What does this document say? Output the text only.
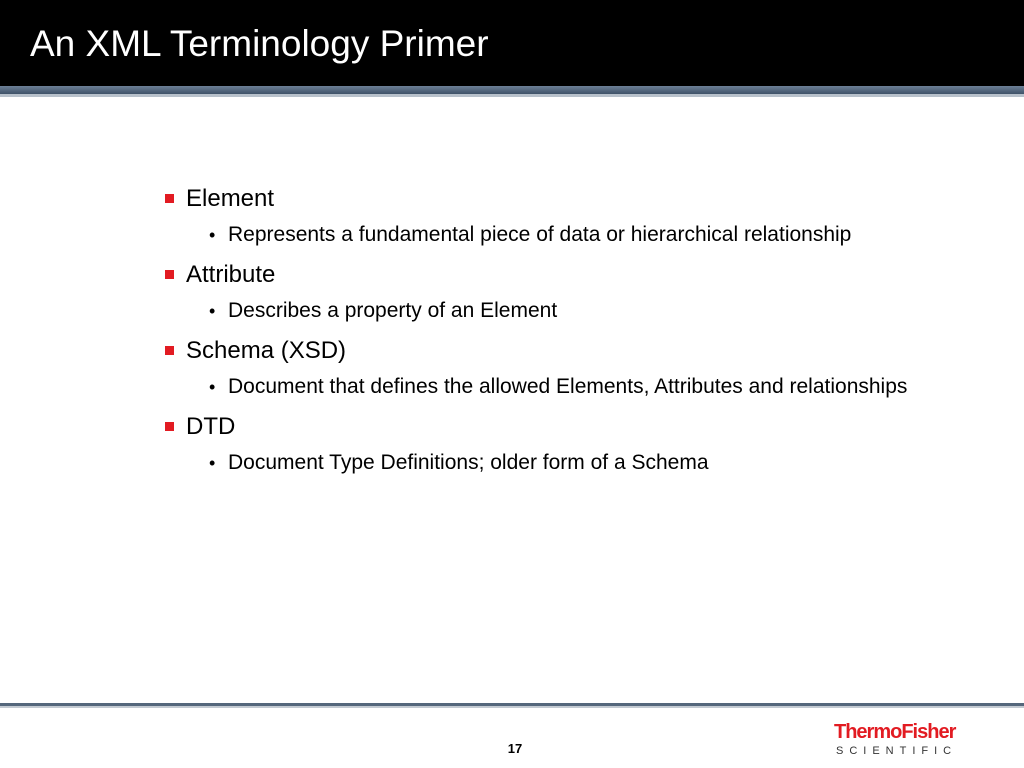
An XML Terminology Primer
Element
• Represents a fundamental piece of data or hierarchical relationship
Attribute
• Describes a property of an Element
Schema (XSD)
• Document that defines the allowed Elements, Attributes and relationships
DTD
• Document Type Definitions; older form of a Schema
17
ThermoFisher
SCIENTIFIC
